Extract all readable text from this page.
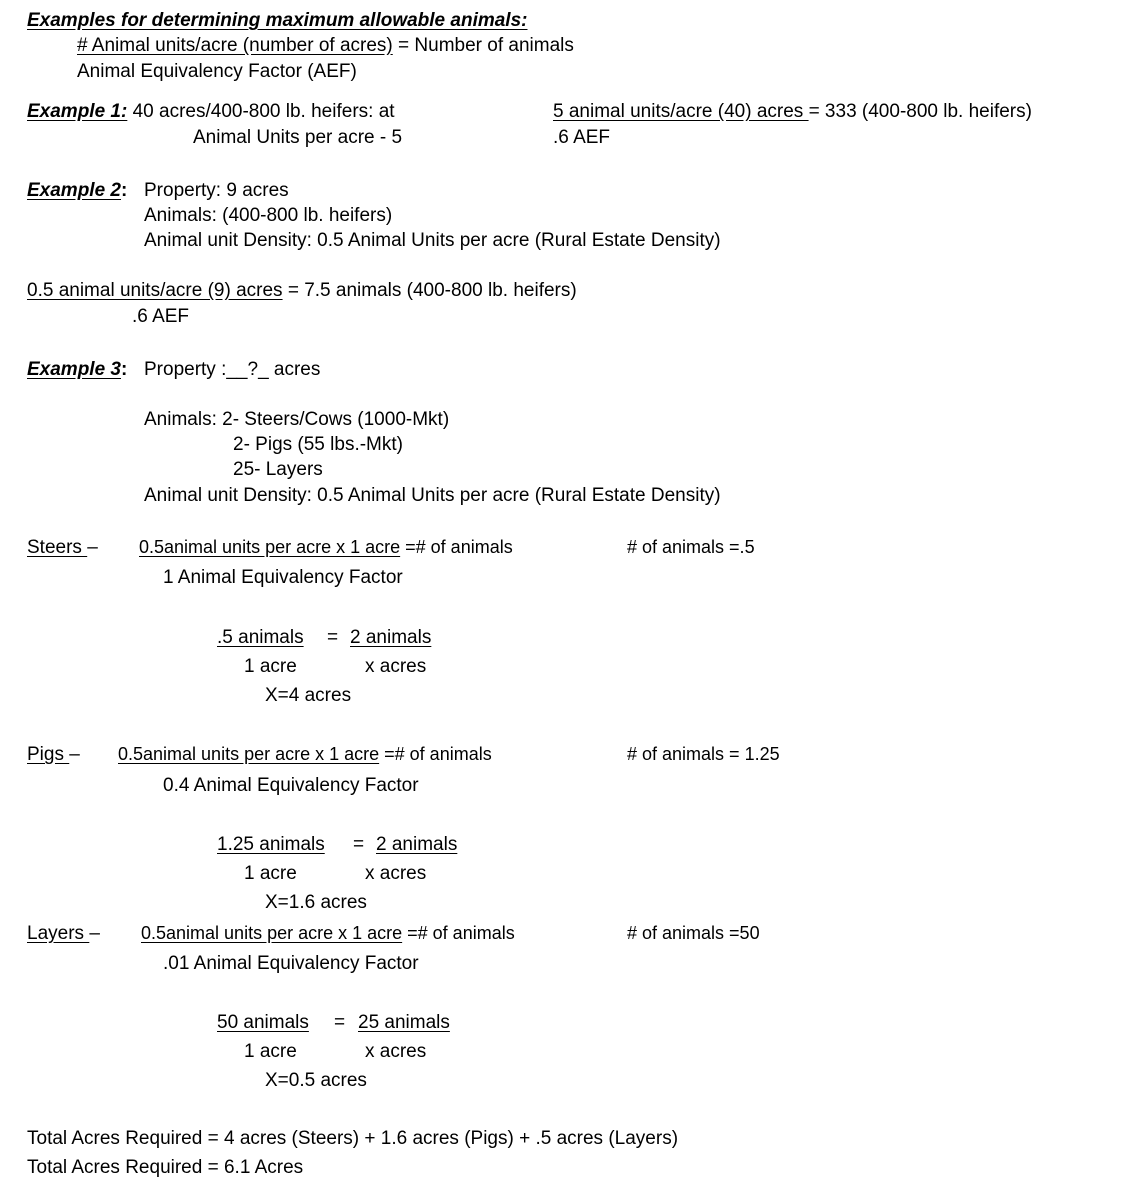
Examples for determining maximum allowable animals:
# Animal units/acre (number of acres) = Number of animals
Animal Equivalency Factor (AEF)
Example 1: 40 acres/400-800 lb. heifers: at
Animal Units per acre - 5
5 animal units/acre (40) acres = 333 (400-800 lb. heifers)
.6 AEF
Example 2: Property: 9 acres
Animals: (400-800 lb. heifers)
Animal unit Density: 0.5 Animal Units per acre (Rural Estate Density)
0.5 animal units/acre (9) acres = 7.5 animals (400-800 lb. heifers)
.6 AEF
Example 3: Property :__?_ acres
Animals: 2- Steers/Cows (1000-Mkt)
2- Pigs (55 lbs.-Mkt)
25- Layers
Animal unit Density: 0.5 Animal Units per acre (Rural Estate Density)
Steers – 0.5animal units per acre x 1 acre =# of animals	# of animals =.5
1 Animal Equivalency Factor
.5 animals = 2 animals
1 acre	x acres
X=4 acres
Pigs – 0.5animal units per acre x 1 acre =# of animals	# of animals = 1.25
0.4 Animal Equivalency Factor
1.25 animals = 2 animals
1 acre	x acres
X=1.6 acres
Layers – 0.5animal units per acre x 1 acre =# of animals	# of animals =50
.01 Animal Equivalency Factor
50 animals = 25 animals
1 acre	x acres
X=0.5 acres
Total Acres Required = 4 acres (Steers) + 1.6 acres (Pigs) + .5 acres (Layers)
Total Acres Required = 6.1 Acres
